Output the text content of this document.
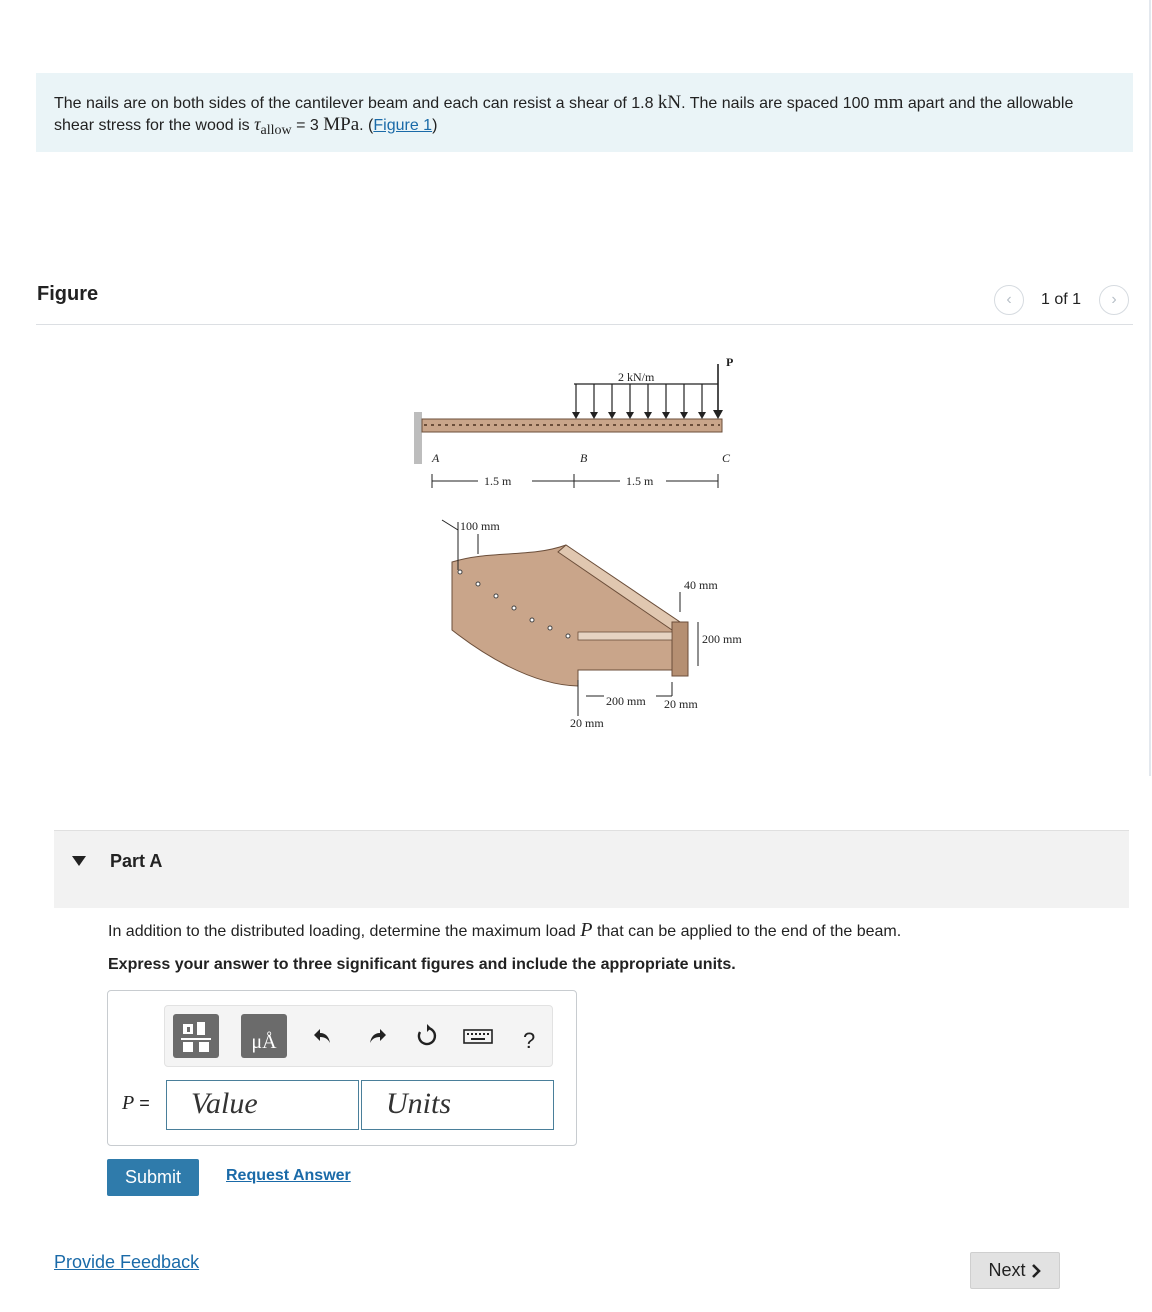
The nails are on both sides of the cantilever beam and each can resist a shear of 1.8 kN. The nails are spaced 100 mm apart and the allowable shear stress for the wood is τallow = 3 MPa. (Figure 1)
Figure	‹	1 of 1	›
P
2 kN/m
A	B	C
1.5 m	1.5 m
100 mm
40 mm
200 mm
200 mm 20 mm
20 mm
Part A
In addition to the distributed loading, determine the maximum load P that can be applied to the end of the beam.
Express your answer to three significant figures and include the appropriate units.
μÅ	?
P =	Value	Units
Submit	Request Answer
Provide Feedback	Next
